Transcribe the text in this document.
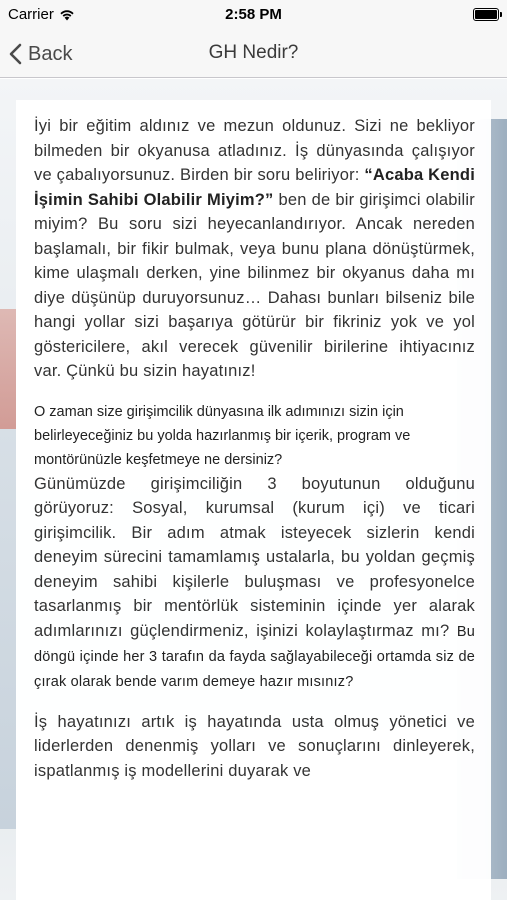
Carrier	2:58 PM
Back	GH Nedir?

İyi bir eğitim aldınız ve mezun oldunuz. Sizi ne bekliyor bilmeden bir okyanusa atladınız. İş dünyasında çalışıyor ve çabalıyorsunuz. Birden bir soru beliriyor: “Acaba Kendi İşimin Sahibi Olabilir Miyim?” ben de bir girişimci olabilir miyim? Bu soru sizi heyecanlandırıyor. Ancak nereden başlamalı, bir fikir bulmak, veya bunu plana dönüştürmek, kime ulaşmalı derken, yine bilinmez bir okyanus daha mı diye düşünüp duruyorsunuz… Dahası bunları bilseniz bile hangi yollar sizi başarıya götürür bir fikriniz yok ve yol göstericilere, akıl verecek güvenilir birilerine ihtiyacınız var. Çünkü bu sizin hayatınız!

O zaman size girişimcilik dünyasına ilk adımınızı sizin için belirleyeceğiniz bu yolda hazırlanmış bir içerik, program ve montörünüzle keşfetmeye ne dersiniz?

Günümüzde girişimciliğin 3 boyutunun olduğunu görüyoruz: Sosyal, kurumsal (kurum içi) ve ticari girişimcilik. Bir adım atmak isteyecek sizlerin kendi deneyim sürecini tamamlamış ustalarla, bu yoldan geçmiş deneyim sahibi kişilerle buluşması ve profesyonelce tasarlanmış bir mentörlük sisteminin içinde yer alarak adımlarınızı güçlendirmeniz, işinizi kolaylaştırmaz mı? Bu döngü içinde her 3 tarafın da fayda sağlayabileceği ortamda siz de çırak olarak bende varım demeye hazır mısınız?

İş hayatınızı artık iş hayatında usta olmuş yönetici ve liderlerden denenmiş yolları ve sonuçlarını dinleyerek, ispatlanmış iş modellerini duyarak ve
